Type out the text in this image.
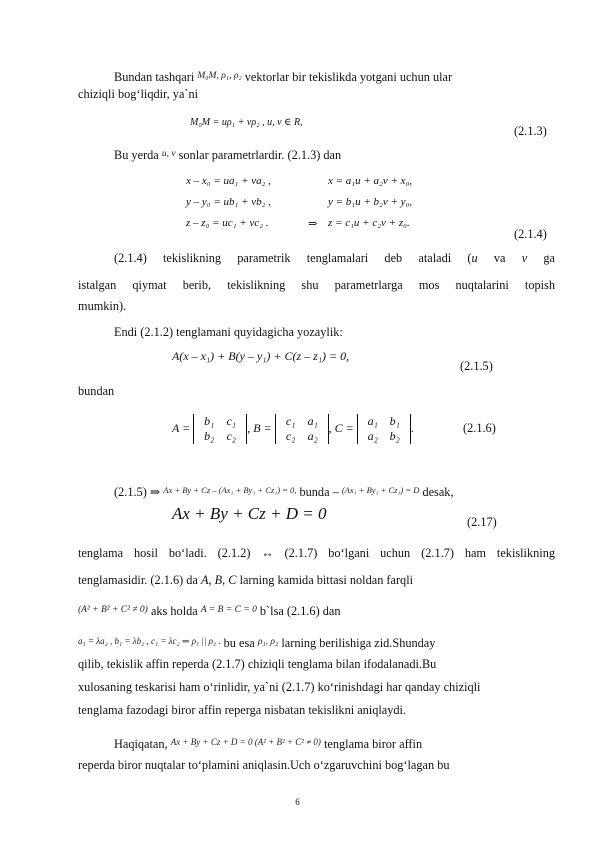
Bundan tashqari M₀M, ρ₁, ρ₂ vektorlar bir tekislikda yotgani uchun ular
chiziqli bog‘liqdir, ya`ni
M₀M = uρ₁ + vρ₂ , u, v ∈ R,
(2.1.3)
Bu yerda u, v sonlar parametrlardir. (2.1.3) dan
x – x₀ = ua₁ + va₂ ,
y – y₀ = ub₁ + vb₂ ,
z – z₀ = uc₁ + vc₂ .	⇒
x = a₁u + a₂v + x₀,
y = b₁u + b₂v + y₀,
z = c₁u + c₂v + z₀.
(2.1.4)
(2.1.4) tekislikning parametrik tenglamalari deb ataladi (u va v ga
istalgan qiymat berib, tekislikning shu parametrlarga mos nuqtalarini topish
mumkin).
Endi (2.1.2) tenglamani quyidagicha yozaylik:
A(x – x₁) + B(y – y₁) + C(z – z₁) = 0,
(2.1.5)
bundan
A = b₁ c₁
b₂ c₂, B = c₁ a₁
c₂ a₂, C = a₁ b₁
a₂ b₂.	(2.1.6)
(2.1.5) ⇒ Ax + By + Cz – (Ax₁ + By₁ + Cz₁) = 0, bunda – (Ax₁ + By₁ + Cz₁) = D desak,
Ax + By + Cz + D = 0	(2.17)
tenglama hosil bo‘ladi. (2.1.2) ↔ (2.1.7) bo‘lgani uchun (2.1.7) ham tekislikning
tenglamasidir. (2.1.6) da A, B, C larning kamida bittasi noldan farqli
(A² + B² + C² ≠ 0) aks holda A = B = C = 0 b`lsa (2.1.6) dan
a₁ = λa₂ , b₁ = λb₂ , c₁ = λc₂ ⇒ ρ₁ || ρ₂ . bu esa ρ₁, ρ₂ larning berilishiga zid.Shunday
qilib, tekislik affin reperda (2.1.7) chiziqli tenglama bilan ifodalanadi.Bu
xulosaning teskarisi ham o‘rinlidir, ya`ni (2.1.7) ko‘rinishdagi har qanday chiziqli
tenglama fazodagi biror affin reperga nisbatan tekislikni aniqlaydi.
Haqiqatan, Ax + By + Cz + D = 0 (A² + B² + C² ≠ 0) tenglama biror affin
reperda biror nuqtalar to‘plamini aniqlasin.Uch o‘zgaruvchini bog‘lagan bu
6
